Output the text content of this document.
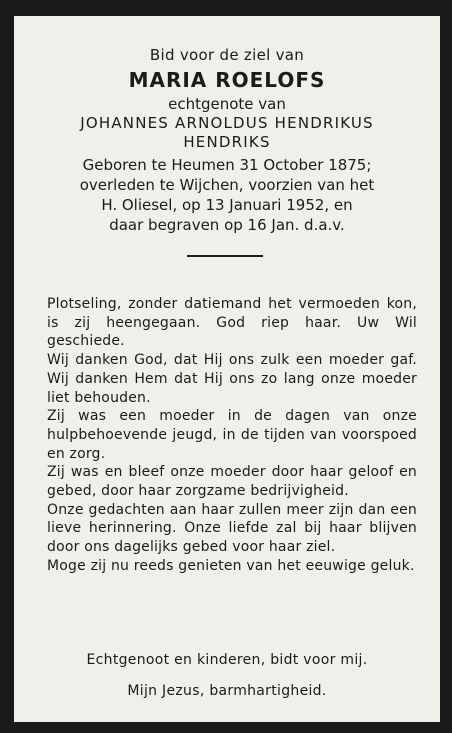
Bid voor de ziel van
MARIA ROELOFS
echtgenote van
JOHANNES ARNOLDUS HENDRIKUS
HENDRIKS
Geboren te Heumen 31 October 1875;
overleden te Wijchen, voorzien van het
H. Oliesel, op 13 Januari 1952, en
daar begraven op 16 Jan. d.a.v.

Plotseling, zonder datiemand het vermoeden kon, is zij heengegaan. God riep haar. Uw Wil geschiede.

Wij danken God, dat Hij ons zulk een moeder gaf. Wij danken Hem dat Hij ons zo lang onze moeder liet behouden.

Zij was een moeder in de dagen van onze hulpbehoevende jeugd, in de tijden van voorspoed en zorg.

Zij was en bleef onze moeder door haar geloof en gebed, door haar zorgzame bedrijvigheid.

Onze gedachten aan haar zullen meer zijn dan een lieve herinnering. Onze liefde zal bij haar blijven door ons dagelijks gebed voor haar ziel.

Moge zij nu reeds genieten van het eeuwige geluk.

Echtgenoot en kinderen, bidt voor mij.
Mijn Jezus, barmhartigheid.
